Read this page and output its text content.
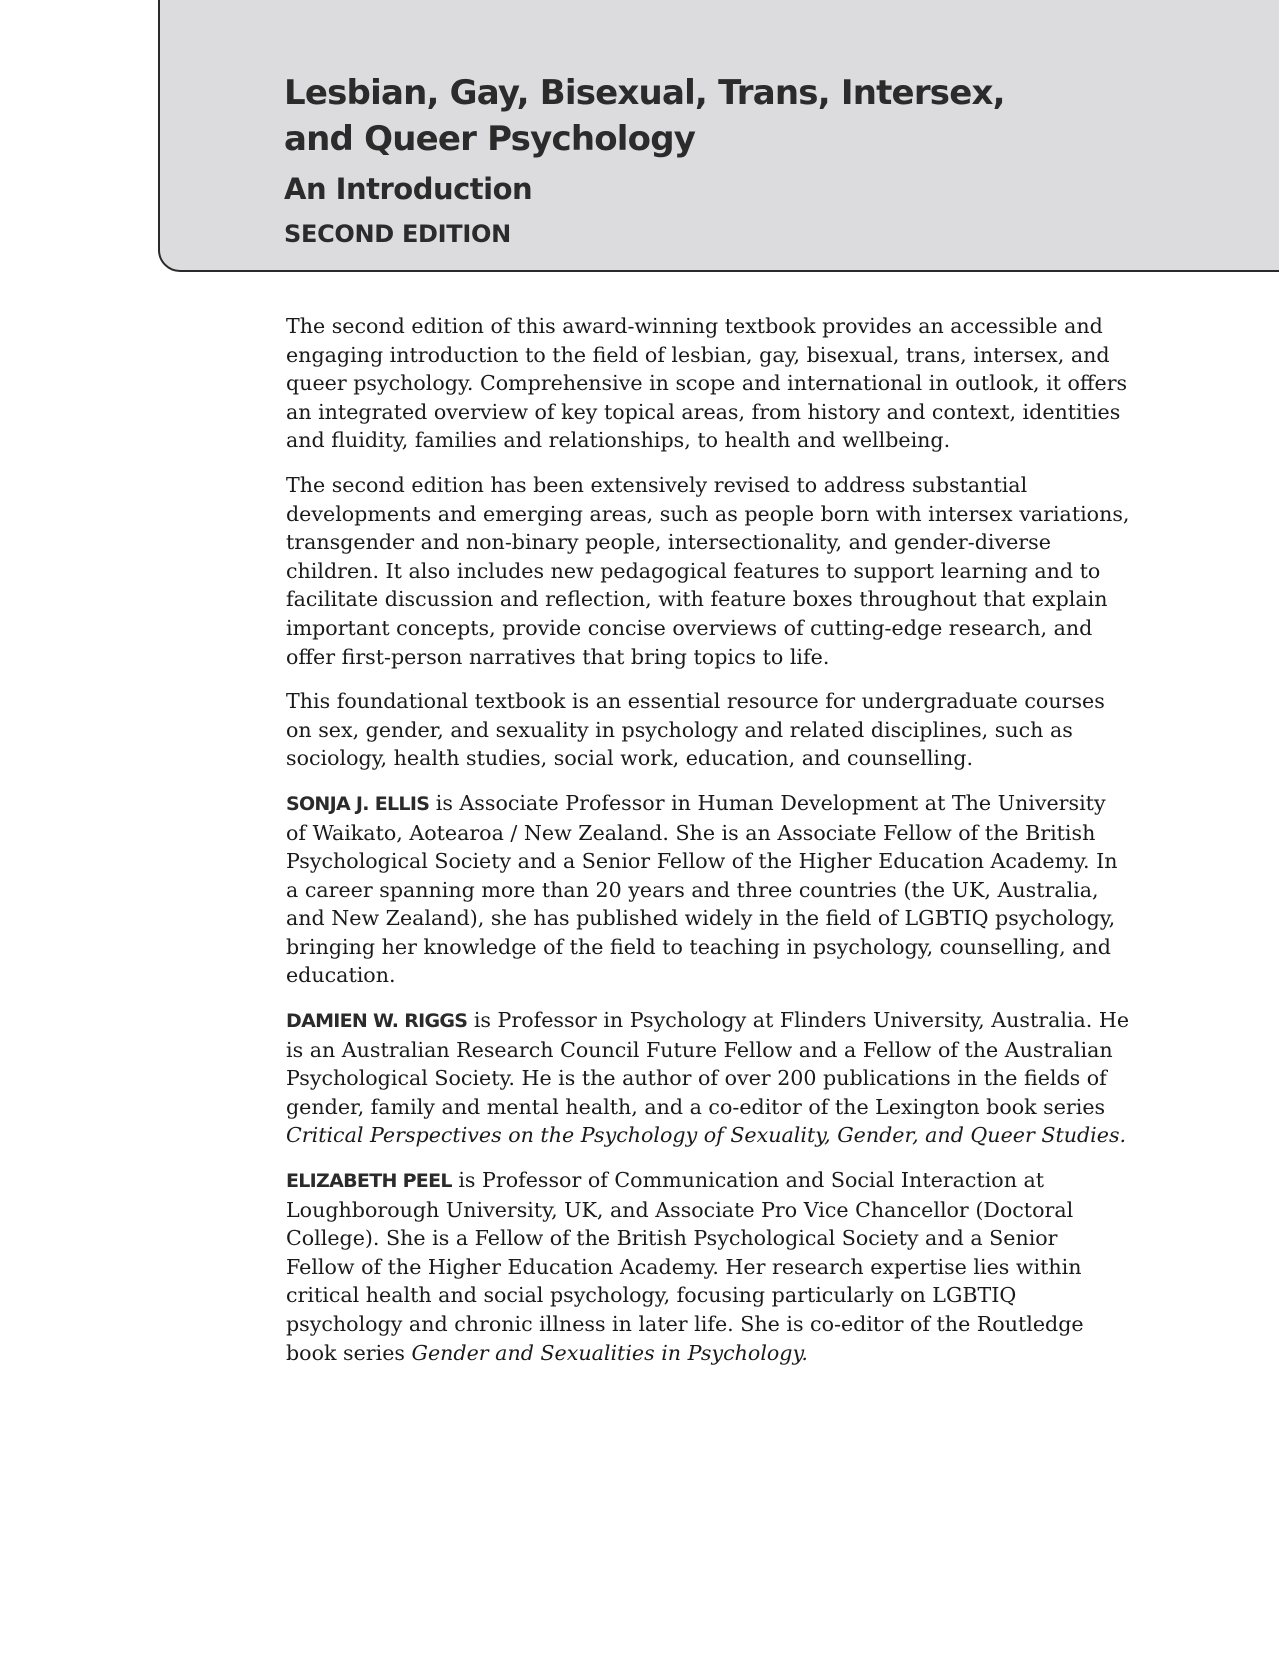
Lesbian, Gay, Bisexual, Trans, Intersex,
and Queer Psychology
An Introduction
SECOND EDITION

The second edition of this award-winning textbook provides an accessible and engaging introduction to the field of lesbian, gay, bisexual, trans, intersex, and queer psychology. Comprehensive in scope and international in outlook, it offers an integrated overview of key topical areas, from history and context, identities and fluidity, families and relationships, to health and wellbeing.

The second edition has been extensively revised to address substantial developments and emerging areas, such as people born with intersex variations, transgender and non-binary people, intersectionality, and gender-diverse children. It also includes new pedagogical features to support learning and to facilitate discussion and reflection, with feature boxes throughout that explain important concepts, provide concise overviews of cutting-edge research, and offer first-person narratives that bring topics to life.

This foundational textbook is an essential resource for undergraduate courses on sex, gender, and sexuality in psychology and related disciplines, such as sociology, health studies, social work, education, and counselling.

SONJA J. ELLIS is Associate Professor in Human Development at The University of Waikato, Aotearoa / New Zealand. She is an Associate Fellow of the British Psychological Society and a Senior Fellow of the Higher Education Academy. In a career spanning more than 20 years and three countries (the UK, Australia, and New Zealand), she has published widely in the field of LGBTIQ psychology, bringing her knowledge of the field to teaching in psychology, counselling, and education.

DAMIEN W. RIGGS is Professor in Psychology at Flinders University, Australia. He is an Australian Research Council Future Fellow and a Fellow of the Australian Psychological Society. He is the author of over 200 publications in the fields of gender, family and mental health, and a co-editor of the Lexington book series Critical Perspectives on the Psychology of Sexuality, Gender, and Queer Studies.

ELIZABETH PEEL is Professor of Communication and Social Interaction at Loughborough University, UK, and Associate Pro Vice Chancellor (Doctoral College). She is a Fellow of the British Psychological Society and a Senior Fellow of the Higher Education Academy. Her research expertise lies within critical health and social psychology, focusing particularly on LGBTIQ psychology and chronic illness in later life. She is co-editor of the Routledge book series Gender and Sexualities in Psychology.
